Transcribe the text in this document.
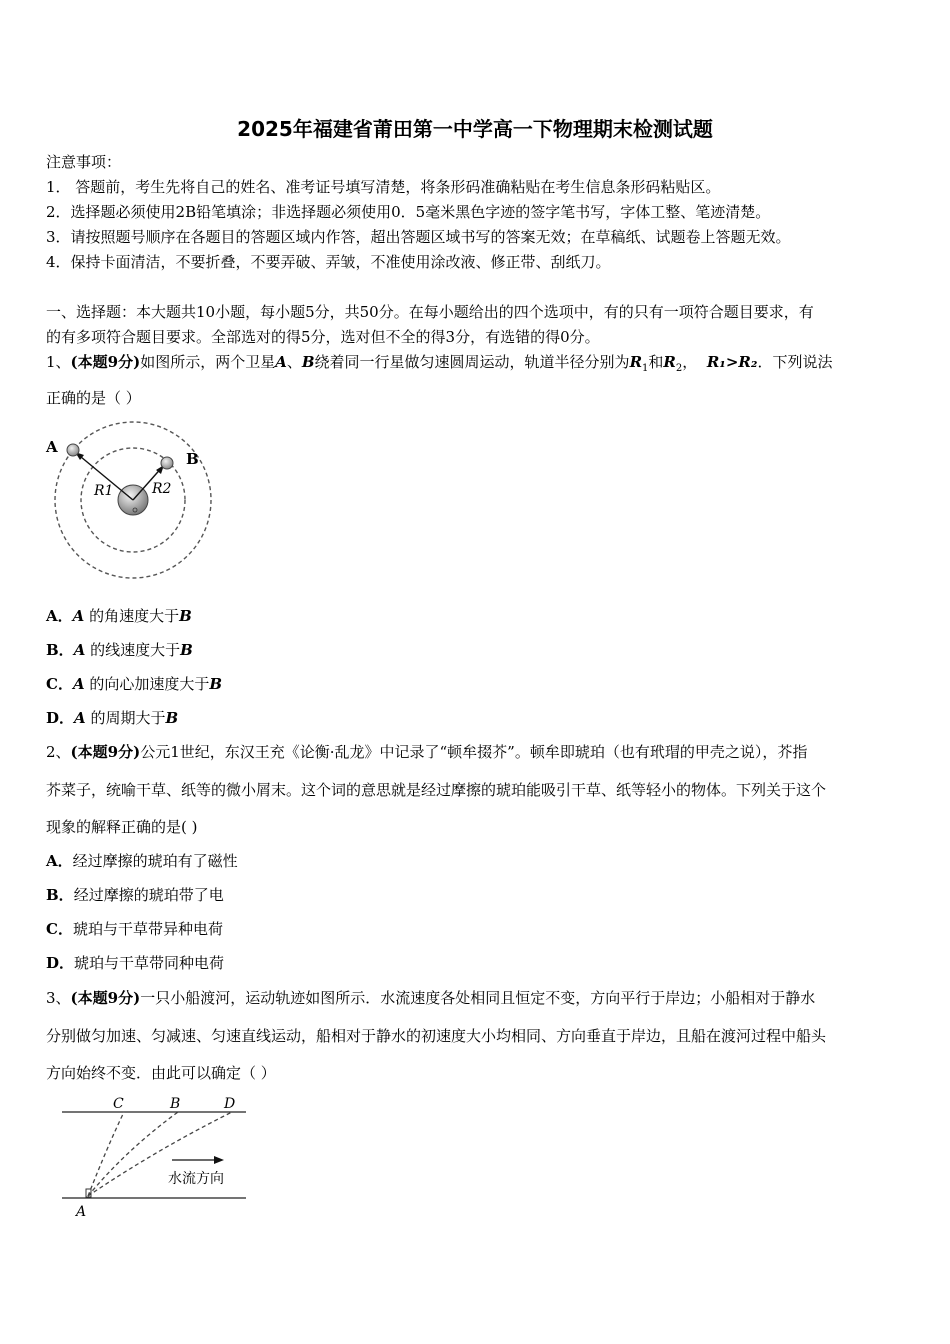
2025年福建省莆田第一中学高一下物理期末检测试题
注意事项：
1． 答题前，考生先将自己的姓名、准考证号填写清楚，将条形码准确粘贴在考生信息条形码粘贴区。
2．选择题必须使用2B铅笔填涂；非选择题必须使用0．5毫米黑色字迹的签字笔书写，字体工整、笔迹清楚。
3．请按照题号顺序在各题目的答题区域内作答，超出答题区域书写的答案无效；在草稿纸、试题卷上答题无效。
4．保持卡面清洁，不要折叠，不要弄破、弄皱，不准使用涂改液、修正带、刮纸刀。
一、选择题：本大题共10小题，每小题5分，共50分。在每小题给出的四个选项中，有的只有一项符合题目要求，有
的有多项符合题目要求。全部选对的得5分，选对但不全的得3分，有选错的得0分。
1、(本题9分)如图所示，两个卫星A、B绕着同一行星做匀速圆周运动，轨道半径分别为$R_1$和$R_2$， R₁>R₂．下列说法
正确的是（ ）
A
B
R1	R2
A．A 的角速度大于B
B．A 的线速度大于B
C．A 的向心加速度大于B
D．A 的周期大于B
2、(本题9分)公元1世纪，东汉王充《论衡·乱龙》中记录了“顿牟掇芥”。顿牟即琥珀（也有玳瑁的甲壳之说），芥指
芥菜子，统喻干草、纸等的微小屑末。这个词的意思就是经过摩擦的琥珀能吸引干草、纸等轻小的物体。下列关于这个
现象的解释正确的是( )
A．经过摩擦的琥珀有了磁性
B．经过摩擦的琥珀带了电
C．琥珀与干草带异种电荷
D．琥珀与干草带同种电荷
3、(本题9分)一只小船渡河，运动轨迹如图所示．水流速度各处相同且恒定不变，方向平行于岸边；小船相对于静水
分别做匀加速、匀减速、匀速直线运动，船相对于静水的初速度大小均相同、方向垂直于岸边，且船在渡河过程中船头
方向始终不变．由此可以确定（ ）
C	B	D
A
水流方向
